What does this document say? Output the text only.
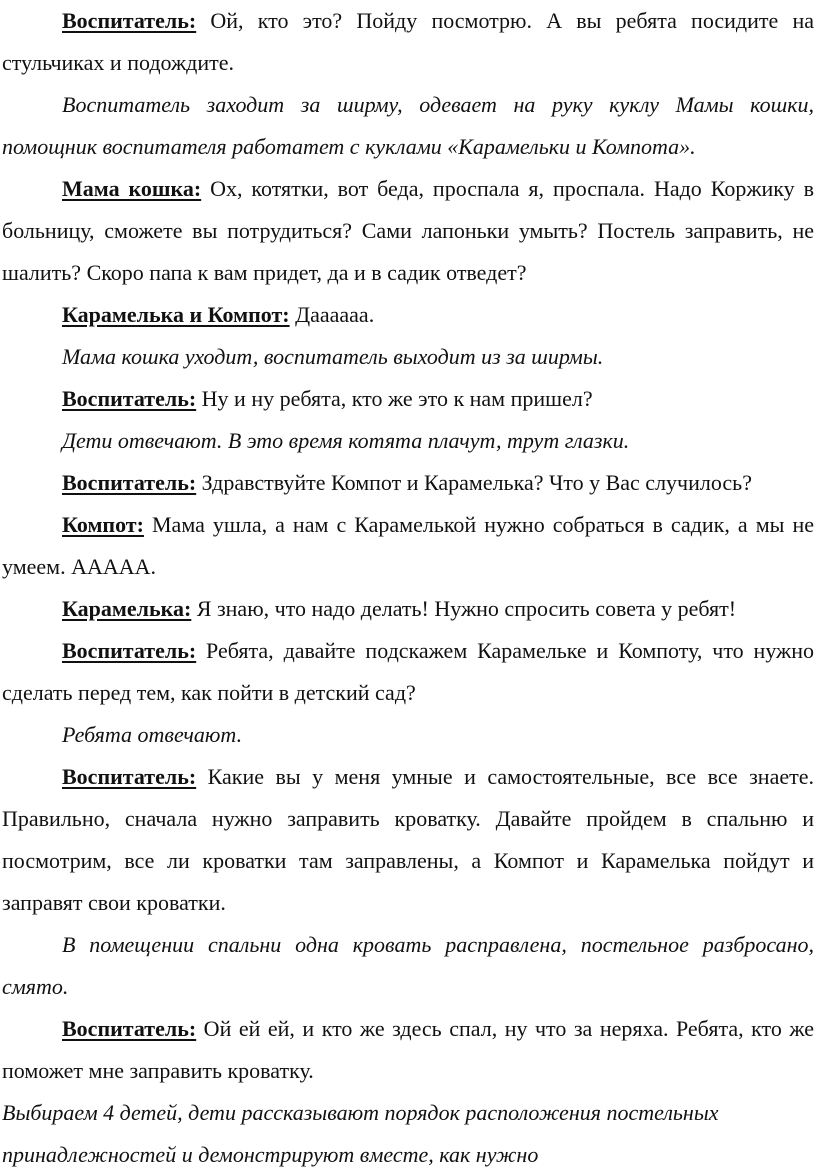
Воспитатель: Ой, кто это? Пойду посмотрю. А вы ребята посидите на стульчиках и подождите.

Воспитатель заходит за ширму, одевает на руку куклу Мамы кошки, помощник воспитателя работатет с куклами «Карамельки и Компота».

Мама кошка: Ох, котятки, вот беда, проспала я, проспала. Надо Коржику в больницу, сможете вы потрудиться? Сами лапоньки умыть? Постель заправить, не шалить? Скоро папа к вам придет, да и в садик отведет?

Карамелька и Компот: Даааааа.

Мама кошка уходит, воспитатель выходит из за ширмы.

Воспитатель: Ну и ну ребята, кто же это к нам пришел?

Дети отвечают. В это время котята плачут, трут глазки.

Воспитатель: Здравствуйте Компот и Карамелька? Что у Вас случилось?

Компот: Мама ушла, а нам с Карамелькой нужно собраться в садик, а мы не умеем. ААААА.

Карамелька: Я знаю, что надо делать! Нужно спросить совета у ребят!

Воспитатель: Ребята, давайте подскажем Карамельке и Компоту, что нужно сделать перед тем, как пойти в детский сад?

Ребята отвечают.

Воспитатель: Какие вы у меня умные и самостоятельные, все все знаете. Правильно, сначала нужно заправить кроватку. Давайте пройдем в спальню и посмотрим, все ли кроватки там заправлены, а Компот и Карамелька пойдут и заправят свои кроватки.

В помещении спальни одна кровать расправлена, постельное разбросано, смято.

Воспитатель: Ой ей ей, и кто же здесь спал, ну что за неряха. Ребята, кто же поможет мне заправить кроватку.

Выбираем 4 детей, дети рассказывают порядок расположения постельных принадлежностей и демонстрируют вместе, как нужно
